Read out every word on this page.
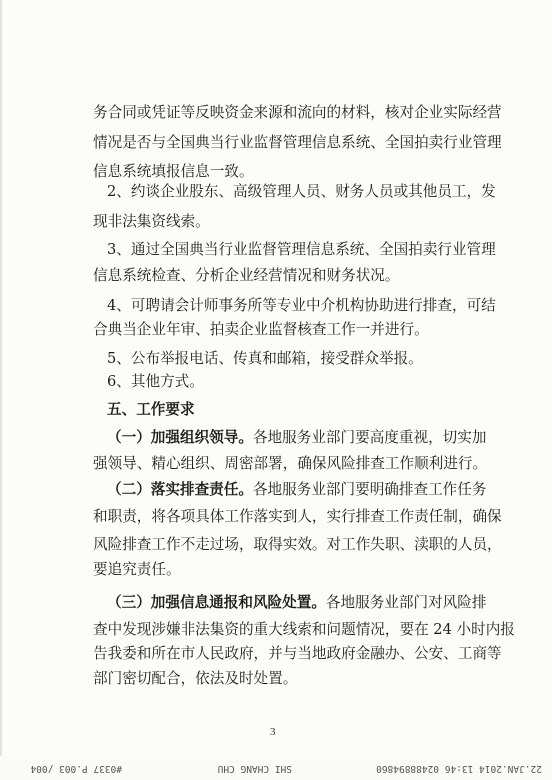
务合同或凭证等反映资金来源和流向的材料，核对企业实际经营
情况是否与全国典当行业监督管理信息系统、全国拍卖行业管理
信息系统填报信息一致。
2、约谈企业股东、高级管理人员、财务人员或其他员工，发
现非法集资线索。
3、通过全国典当行业监督管理信息系统、全国拍卖行业管理
信息系统检查、分析企业经营情况和财务状况。
4、可聘请会计师事务所等专业中介机构协助进行排查，可结
合典当企业年审、拍卖企业监督核查工作一并进行。
5、公布举报电话、传真和邮箱，接受群众举报。
6、其他方式。
五、工作要求
（一）加强组织领导。各地服务业部门要高度重视，切实加
强领导、精心组织、周密部署，确保风险排查工作顺利进行。
（二）落实排查责任。各地服务业部门要明确排查工作任务
和职责，将各项具体工作落实到人，实行排查工作责任制，确保
风险排查工作不走过场，取得实效。对工作失职、渎职的人员，
要追究责任。
（三）加强信息通报和风险处置。各地服务业部门对风险排
查中发现涉嫌非法集资的重大线索和问题情况，要在 24 小时内报
告我委和所在市人民政府，并与当地政府金融办、公安、工商等
部门密切配合，依法及时处置。
3
22.JAN.2014 13:46 02488894860
SHI CHANG CHU
#0337 P.003 /004
